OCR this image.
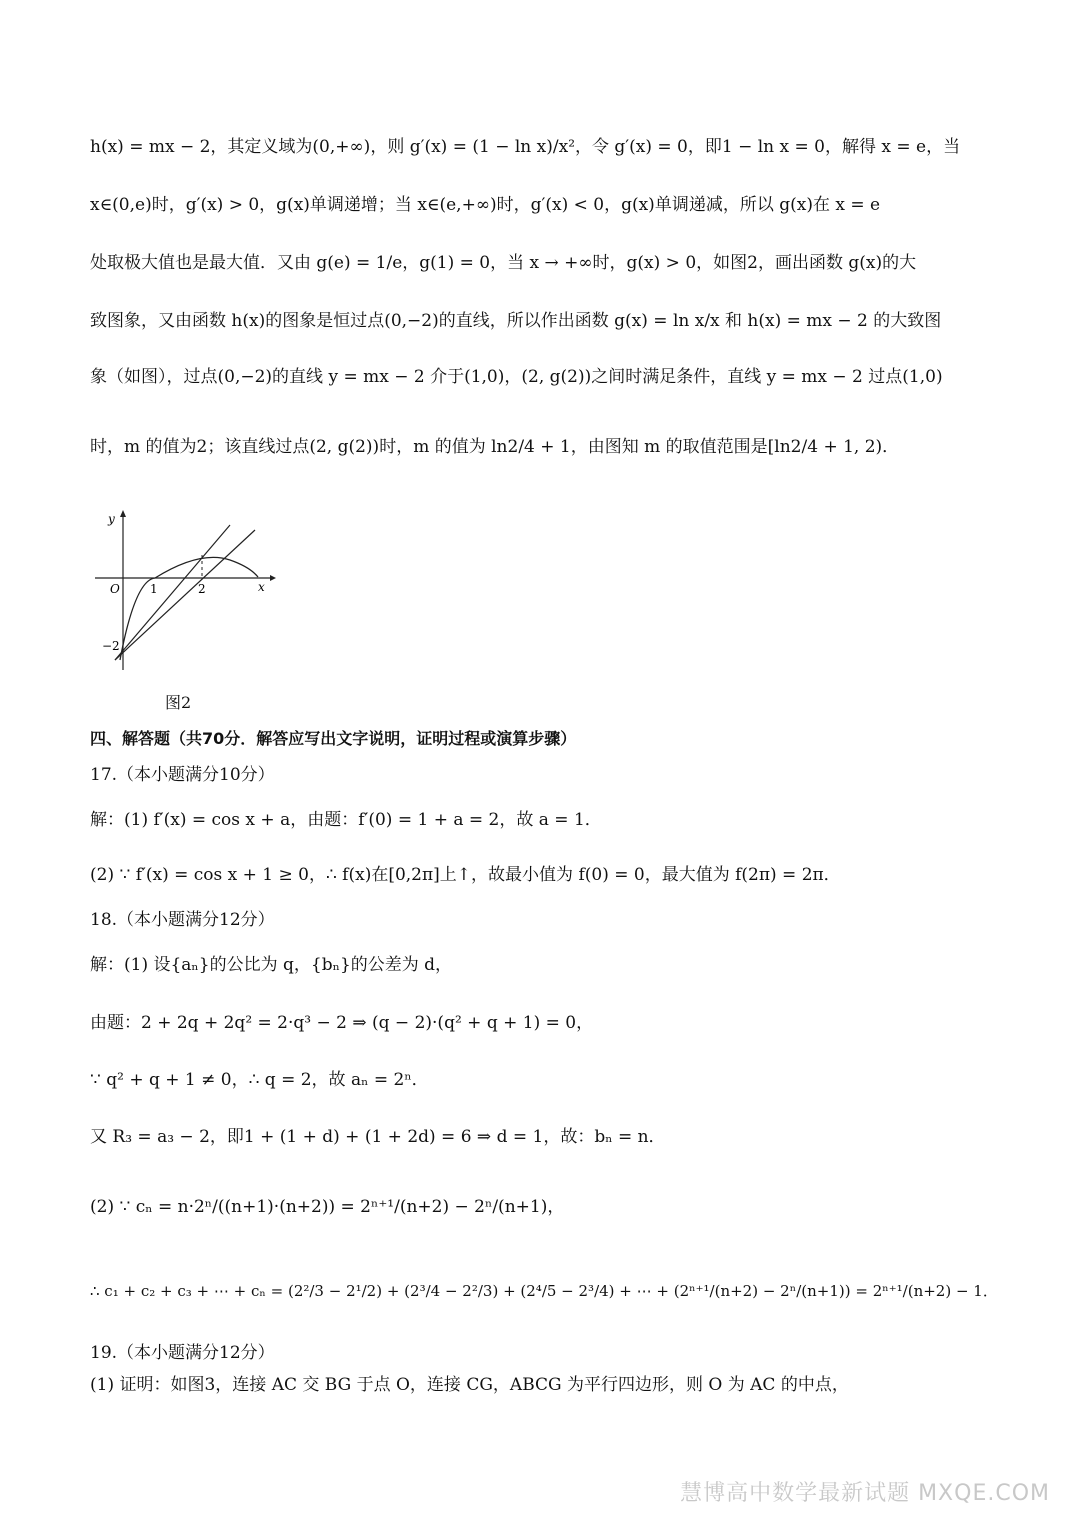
h(x) = mx − 2，其定义域为(0,+∞)，则 g′(x) = (1 − ln x)/x²，令 g′(x) = 0，即1 − ln x = 0，解得 x = e，当
x∈(0,e)时，g′(x) > 0，g(x)单调递增；当 x∈(e,+∞)时，g′(x) < 0，g(x)单调递减，所以 g(x)在 x = e
处取极大值也是最大值．又由 g(e) = 1/e，g(1) = 0，当 x → +∞时，g(x) > 0，如图2，画出函数 g(x)的大
致图象，又由函数 h(x)的图象是恒过点(0,−2)的直线，所以作出函数 g(x) = ln x/x 和 h(x) = mx − 2 的大致图
象（如图），过点(0,−2)的直线 y = mx − 2 介于(1,0)，(2, g(2))之间时满足条件，直线 y = mx − 2 过点(1,0)
时，m 的值为2；该直线过点(2, g(2))时，m 的值为 ln2/4 + 1，由图知 m 的取值范围是[ln2/4 + 1, 2)．
y
x
O	1	2
−2
图2
四、解答题（共70分．解答应写出文字说明，证明过程或演算步骤）
17.（本小题满分10分）
解：(1) f′(x) = cos x + a，由题：f′(0) = 1 + a = 2，故 a = 1．
(2) ∵ f′(x) = cos x + 1 ≥ 0，∴ f(x)在[0,2π]上↑，故最小值为 f(0) = 0，最大值为 f(2π) = 2π．
18.（本小题满分12分）
解：(1) 设{aₙ}的公比为 q，{bₙ}的公差为 d，
由题：2 + 2q + 2q² = 2·q³ − 2 ⇒ (q − 2)·(q² + q + 1) = 0，
∵ q² + q + 1 ≠ 0，∴ q = 2，故 aₙ = 2ⁿ．
又 R₃ = a₃ − 2，即1 + (1 + d) + (1 + 2d) = 6 ⇒ d = 1，故：bₙ = n．
(2) ∵ cₙ = n·2ⁿ/((n+1)·(n+2)) = 2ⁿ⁺¹/(n+2) − 2ⁿ/(n+1)，
∴ c₁ + c₂ + c₃ + ⋯ + cₙ = (2²/3 − 2¹/2) + (2³/4 − 2²/3) + (2⁴/5 − 2³/4) + ⋯ + (2ⁿ⁺¹/(n+2) − 2ⁿ/(n+1)) = 2ⁿ⁺¹/(n+2) − 1．
19.（本小题满分12分）
(1) 证明：如图3，连接 AC 交 BG 于点 O，连接 CG，ABCG 为平行四边形，则 O 为 AC 的中点，
慧博高中数学最新试题 MXQE.COM
